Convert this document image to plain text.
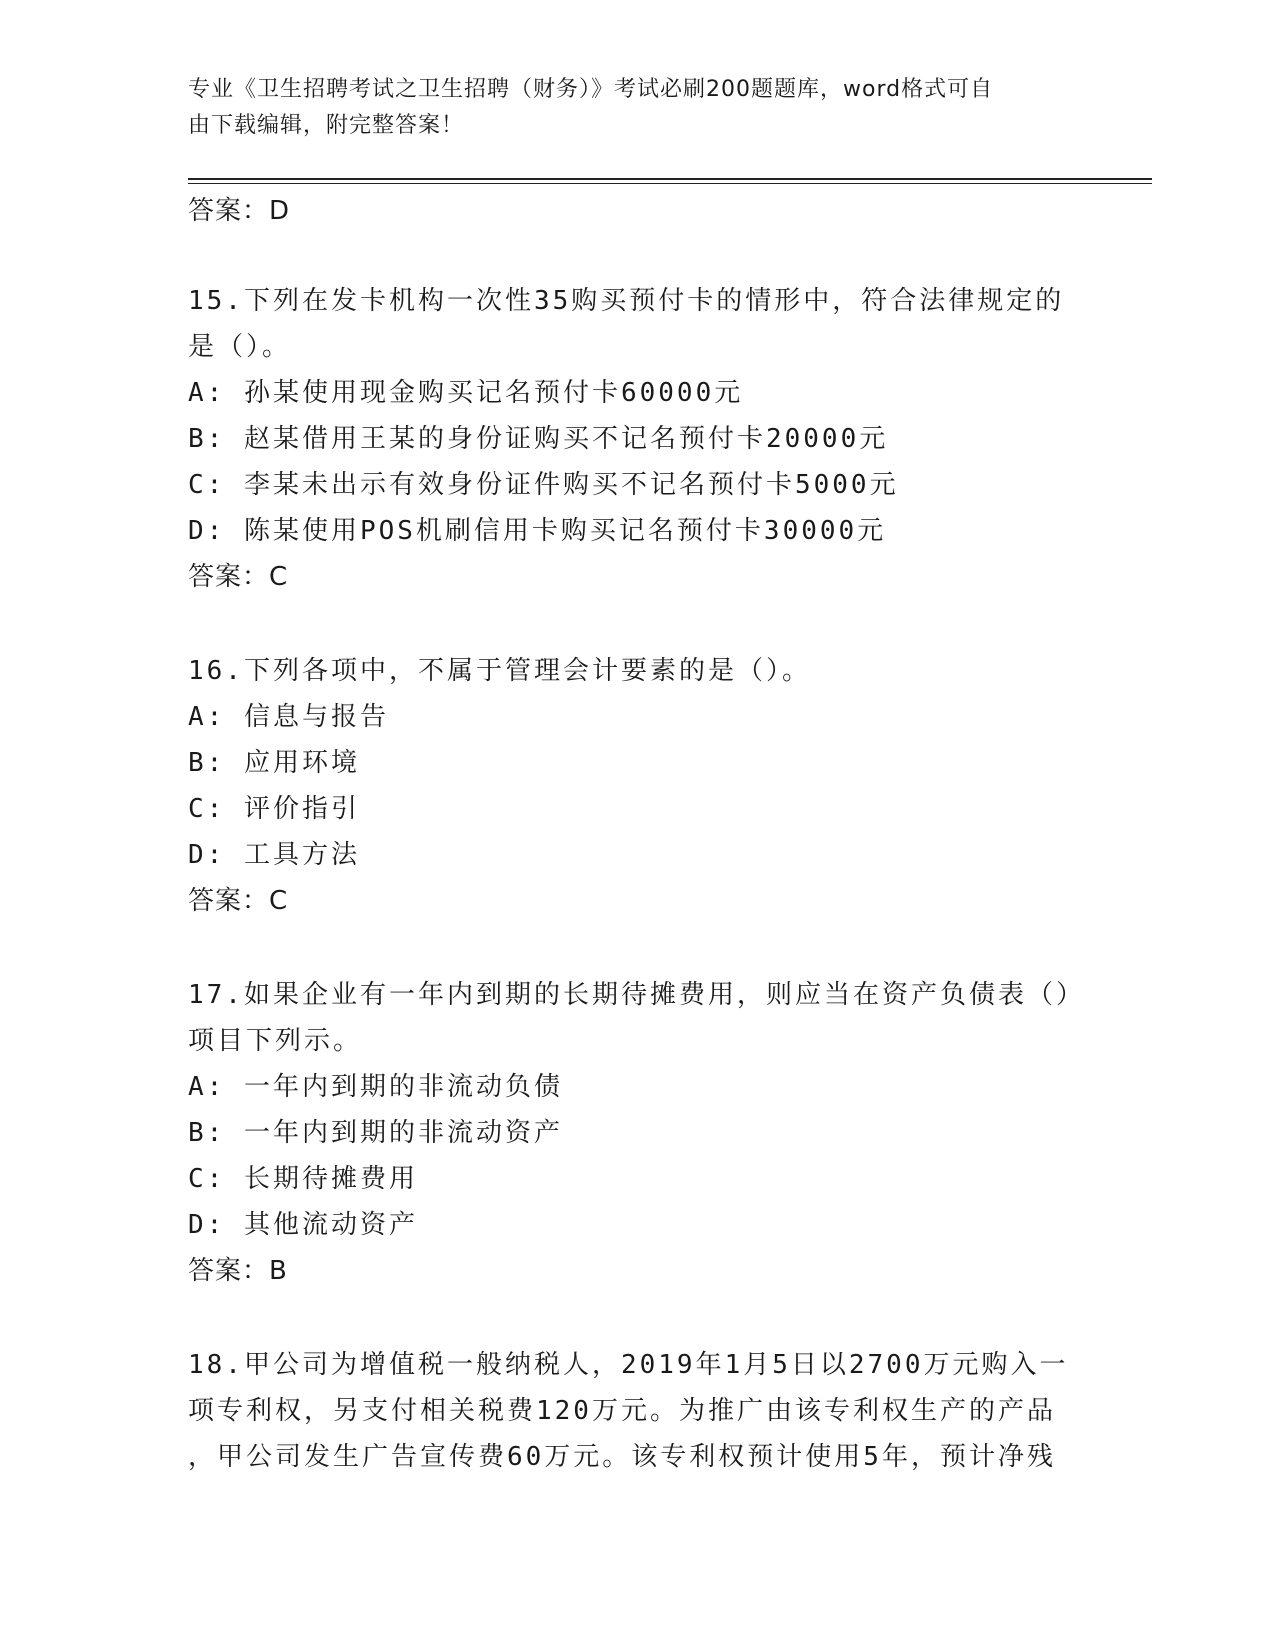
专业《卫生招聘考试之卫生招聘（财务）》考试必刷200题题库，word格式可自
由下载编辑，附完整答案！

答案：D

15.下列在发卡机构一次性35购买预付卡的情形中，符合法律规定的

是（）。

A: 孙某使用现金购买记名预付卡60000元

B: 赵某借用王某的身份证购买不记名预付卡20000元

C: 李某未出示有效身份证件购买不记名预付卡5000元

D: 陈某使用POS机刷信用卡购买记名预付卡30000元

答案：C

16.下列各项中，不属于管理会计要素的是（）。

A: 信息与报告

B: 应用环境

C: 评价指引

D: 工具方法

答案：C

17.如果企业有一年内到期的长期待摊费用，则应当在资产负债表（）

项目下列示。

A: 一年内到期的非流动负债

B: 一年内到期的非流动资产

C: 长期待摊费用

D: 其他流动资产

答案：B

18.甲公司为增值税一般纳税人，2019年1月5日以2700万元购入一

项专利权，另支付相关税费120万元。为推广由该专利权生产的产品

，甲公司发生广告宣传费60万元。该专利权预计使用5年，预计净残
